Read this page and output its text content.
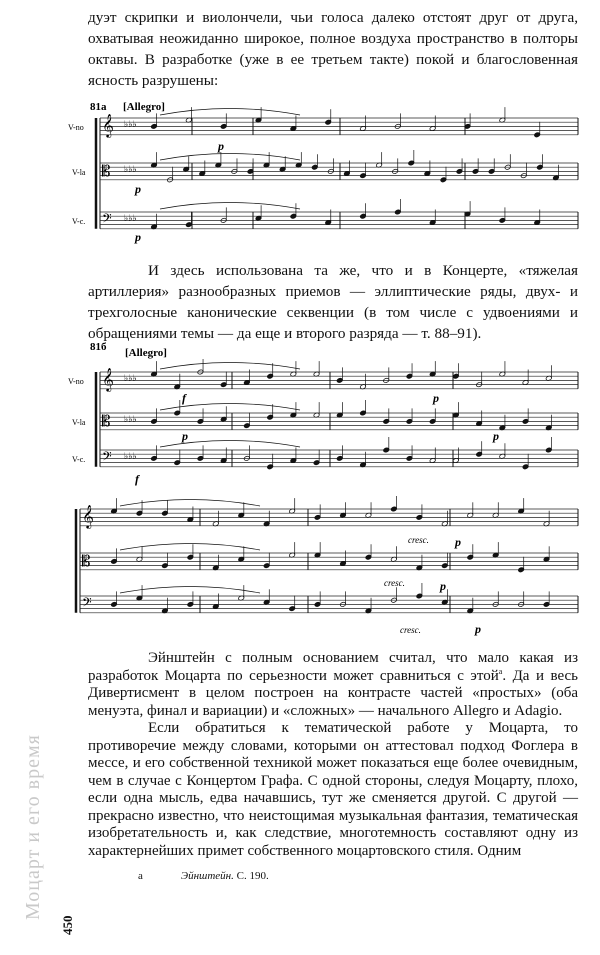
дуэт скрипки и виолончели, чьи голоса далеко отстоят друг от друга, охватывая неожиданно широкое, полное воздуха пространство в полторы октавы. В разработке (уже в ее третьем такте) покой и благословенная ясность разрушены:

И здесь использована та же, что и в Концерте, «тяжелая артиллерия» разнообразных приемов — эллиптические ряды, двух- и трехголосные канонические секвенции (в том числе с удвоениями и обращениями темы — да еще и второго разряда — т. 88–91).

Эйнштейн с полным основанием считал, что мало какая из разработок Моцарта по серьезности может сравниться с этой$^a$. Да и весь Дивертисмент в целом построен на контрасте частей «простых» (оба менуэта, финал и вариации) и «сложных» — начального Allegro и Adagio.

Если обратиться к тематической работе у Моцарта, то противоречие между словами, которыми он аттестовал подход Фоглера в мессе, и его собственной техникой может показаться еще более очевидным, чем в случае с Концертом Графа. С одной стороны, следуя Моцарту, плохо, если одна мысль, едва начавшись, тут же сменяется другой. С другой — прекрасно известно, что неистощимая музыкальная фантазия, тематическая изобретательность и, как следствие, многотемность составляют одну из характернейших примет собственного моцартовского стиля. Одним

81a [Allegro]
V-no
V-la
V-c.
p
p
p
81б [Allegro]
V-no
V-la
V-c.
f
p
f
p
p
cresc.
cresc.
cresc.
p
p
p
𝄞 ♭♭♭
𝄡 ♭♭♭
𝄢 ♭♭♭
𝄞 ♭♭♭
𝄡 ♭♭♭
𝄢 ♭♭♭
𝄞
𝄡
𝄢
a	Эйнштейн. С. 190.
450
Моцарт и его время
